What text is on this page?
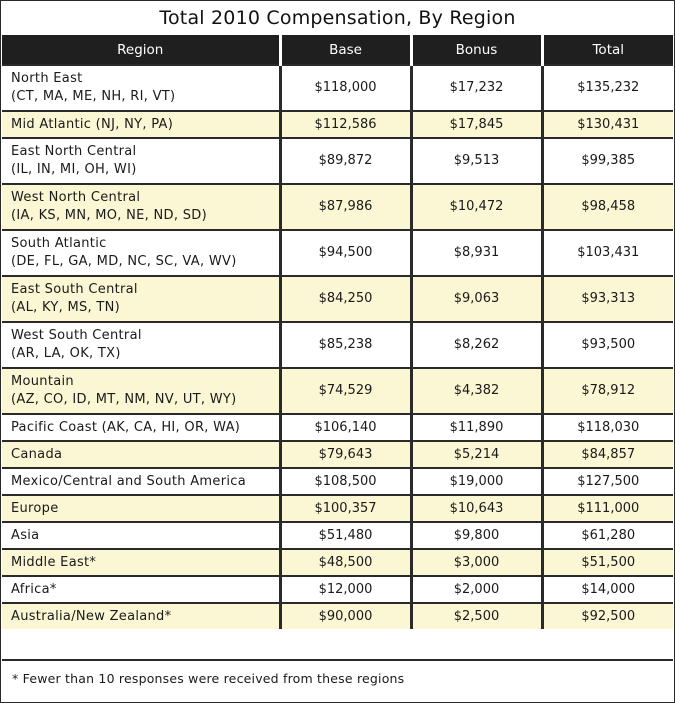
Total 2010 Compensation, By Region
Region	Base	Bonus	Total

North East
(CT, MA, ME, NH, RI, VT)	$118,000	$17,232	$135,232

Mid Atlantic (NJ, NY, PA)	$112,586	$17,845	$130,431

East North Central
(IL, IN, MI, OH, WI)	$89,872	$9,513	$99,385

West North Central
(IA, KS, MN, MO, NE, ND, SD)	$87,986	$10,472	$98,458

South Atlantic
(DE, FL, GA, MD, NC, SC, VA, WV)	$94,500	$8,931	$103,431

East South Central
(AL, KY, MS, TN)	$84,250	$9,063	$93,313

West South Central
(AR, LA, OK, TX)	$85,238	$8,262	$93,500

Mountain
(AZ, CO, ID, MT, NM, NV, UT, WY)	$74,529	$4,382	$78,912

Pacific Coast (AK, CA, HI, OR, WA)	$106,140	$11,890	$118,030

Canada	$79,643	$5,214	$84,857

Mexico/Central and South America	$108,500	$19,000	$127,500

Europe	$100,357	$10,643	$111,000

Asia	$51,480	$9,800	$61,280

Middle East*	$48,500	$3,000	$51,500

Africa*	$12,000	$2,000	$14,000

Australia/New Zealand*	$90,000	$2,500	$92,500
* Fewer than 10 responses were received from these regions
